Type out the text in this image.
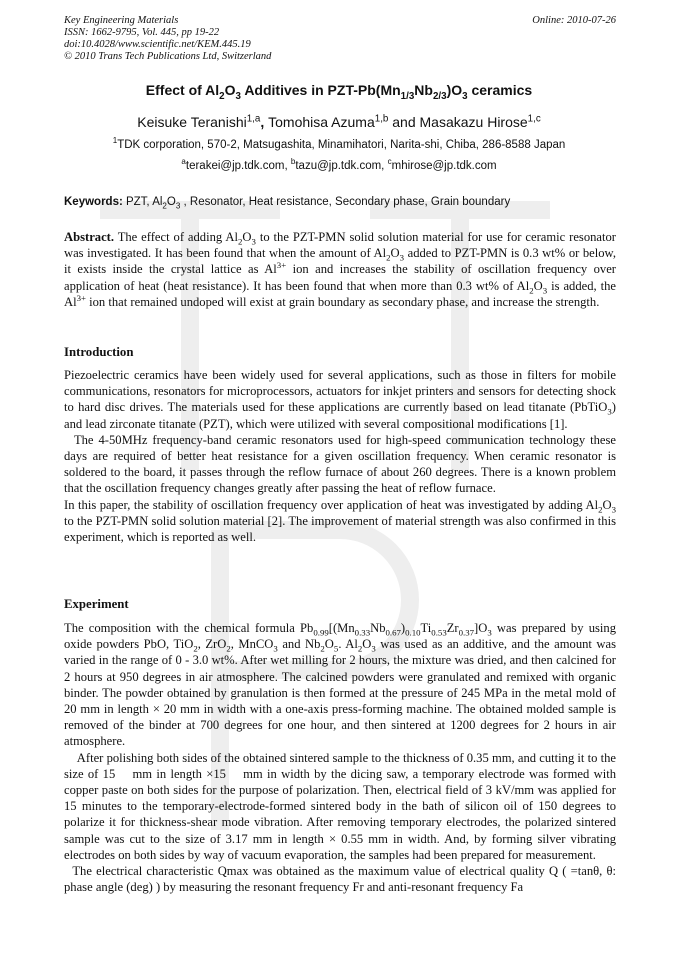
Key Engineering Materials
ISSN: 1662-9795, Vol. 445, pp 19-22
doi:10.4028/www.scientific.net/KEM.445.19
© 2010 Trans Tech Publications Ltd, Switzerland
Online: 2010-07-26
Effect of $Al_2O_3$ Additives in PZT-$Pb(Mn_{1/3}Nb_{2/3})O_3$ ceramics
Keisuke Teranishi$^{1,a}$, Tomohisa Azuma$^{1,b}$ and Masakazu Hirose$^{1,c}$
$^1$TDK corporation, 570-2, Matsugashita, Minamihatori, Narita-shi, Chiba, 286-8588 Japan
$^a$terakei@jp.tdk.com, $^b$tazu@jp.tdk.com, $^c$mhirose@jp.tdk.com
Keywords: PZT, $Al_2O_3$ , Resonator, Heat resistance, Secondary phase, Grain boundary

Abstract. The effect of adding $Al_2O_3$ to the PZT-PMN solid solution material for use for ceramic resonator was investigated. It has been found that when the amount of $Al_2O_3$ added to PZT-PMN is 0.3 wt% or below, it exists inside the crystal lattice as $Al^{3+}$ ion and increases the stability of oscillation frequency over application of heat (heat resistance). It has been found that when more than 0.3 wt% of $Al_2O_3$ is added, the $Al^{3+}$ ion that remained undoped will exist at grain boundary as secondary phase, and increase the strength.

Introduction

Piezoelectric ceramics have been widely used for several applications, such as those in filters for mobile communications, resonators for microprocessors, actuators for inkjet printers and sensors for detecting shock to hard disc drives. The materials used for these applications are currently based on lead titanate (PbTiO$_3$) and lead zirconate titanate (PZT), which were utilized with several compositional modifications [1].

The 4-50MHz frequency-band ceramic resonators used for high-speed communication technology these days are required of better heat resistance for a given oscillation frequency. When ceramic resonator is soldered to the board, it passes through the reflow furnace of about 260 degrees. There is a known problem that the oscillation frequency changes greatly after passing the heat of reflow furnace.

In this paper, the stability of oscillation frequency over application of heat was investigated by adding $Al_2O_3$ to the PZT-PMN solid solution material [2]. The improvement of material strength was also confirmed in this experiment, which is reported as well.

Experiment

The composition with the chemical formula $Pb_{0.99}[(Mn_{0.33}Nb_{0.67})_{0.10}Ti_{0.53}Zr_{0.37}]O_3$ was prepared by using oxide powders PbO, TiO$_2$, ZrO$_2$, MnCO$_3$ and $Nb_2O_5$. $Al_2O_3$ was used as an additive, and the amount was varied in the range of 0 - 3.0 wt%. After wet milling for 2 hours, the mixture was dried, and then calcined for 2 hours at 950 degrees in air atmosphere. The calcined powders were granulated and remixed with organic binder. The powder obtained by granulation is then formed at the pressure of 245 MPa in the metal mold of 20 mm in length × 20 mm in width with a one-axis press-forming machine. The obtained molded sample is removed of the binder at 700 degrees for one hour, and then sintered at 1200 degrees for 2 hours in air atmosphere.

After polishing both sides of the obtained sintered sample to the thickness of 0.35 mm, and cutting it to the size of 15    mm in length ×15    mm in width by the dicing saw, a temporary electrode was formed with copper paste on both sides for the purpose of polarization. Then, electrical field of 3 kV/mm was applied for 15 minutes to the temporary-electrode-formed sintered body in the bath of silicon oil of 150 degrees to polarize it for thickness-shear mode vibration. After removing temporary electrodes, the polarized sintered sample was cut to the size of 3.17 mm in length × 0.55 mm in width. And, by forming silver vibrating electrodes on both sides by way of vacuum evaporation, the samples had been prepared for measurement.

The electrical characteristic Qmax was obtained as the maximum value of electrical quality Q ( =tanθ, θ: phase angle (deg) ) by measuring the resonant frequency Fr and anti-resonant frequency Fa
